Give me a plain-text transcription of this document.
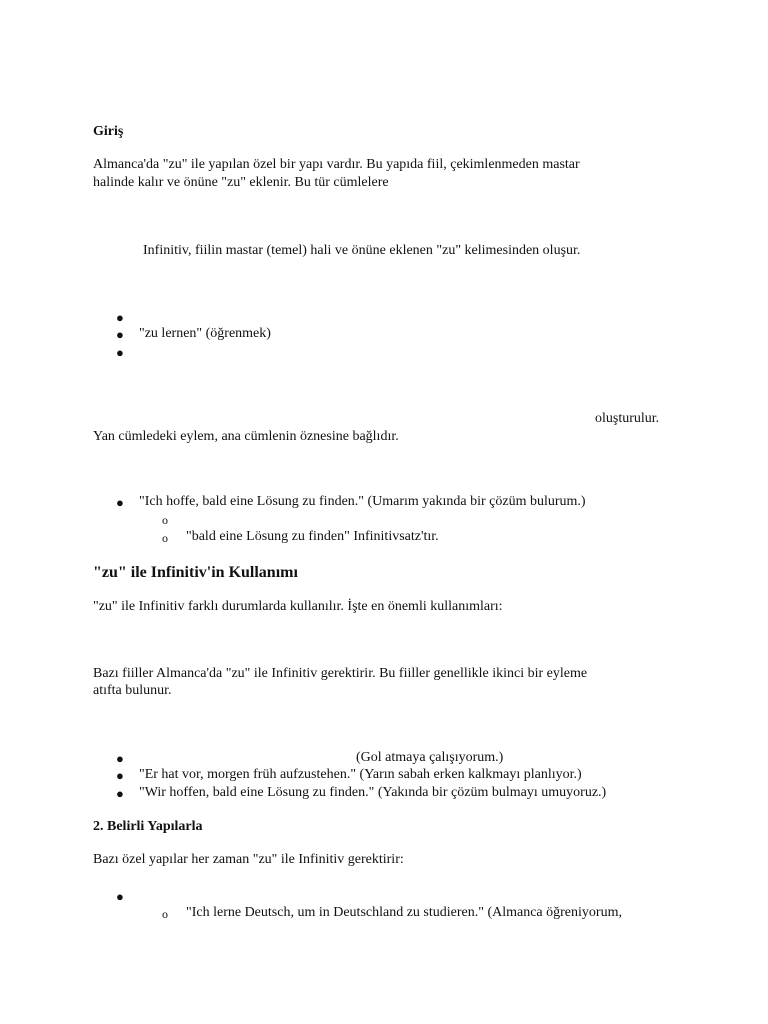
Giriş
Almanca'da "zu" ile yapılan özel bir yapı vardır. Bu yapıda fiil, çekimlenmeden mastar
halinde kalır ve önüne "zu" eklenir. Bu tür cümlelere
Infinitiv, fiilin mastar (temel) hali ve önüne eklenen "zu" kelimesinden oluşur.
●
● "zu lernen" (öğrenmek)
●
oluşturulur.
Yan cümledeki eylem, ana cümlenin öznesine bağlıdır.
● "Ich hoffe, bald eine Lösung zu finden." (Umarım yakında bir çözüm bulurum.)
o
o "bald eine Lösung zu finden" Infinitivsatz'tır.
"zu" ile Infinitiv'in Kullanımı
"zu" ile Infinitiv farklı durumlarda kullanılır. İşte en önemli kullanımları:
Bazı fiiller Almanca'da "zu" ile Infinitiv gerektirir. Bu fiiller genellikle ikinci bir eyleme
atıfta bulunur.
●	(Gol atmaya çalışıyorum.)
● "Er hat vor, morgen früh aufzustehen." (Yarın sabah erken kalkmayı planlıyor.)
● "Wir hoffen, bald eine Lösung zu finden." (Yakında bir çözüm bulmayı umuyoruz.)
2. Belirli Yapılarla
Bazı özel yapılar her zaman "zu" ile Infinitiv gerektirir:
●
o "Ich lerne Deutsch, um in Deutschland zu studieren." (Almanca öğreniyorum,
